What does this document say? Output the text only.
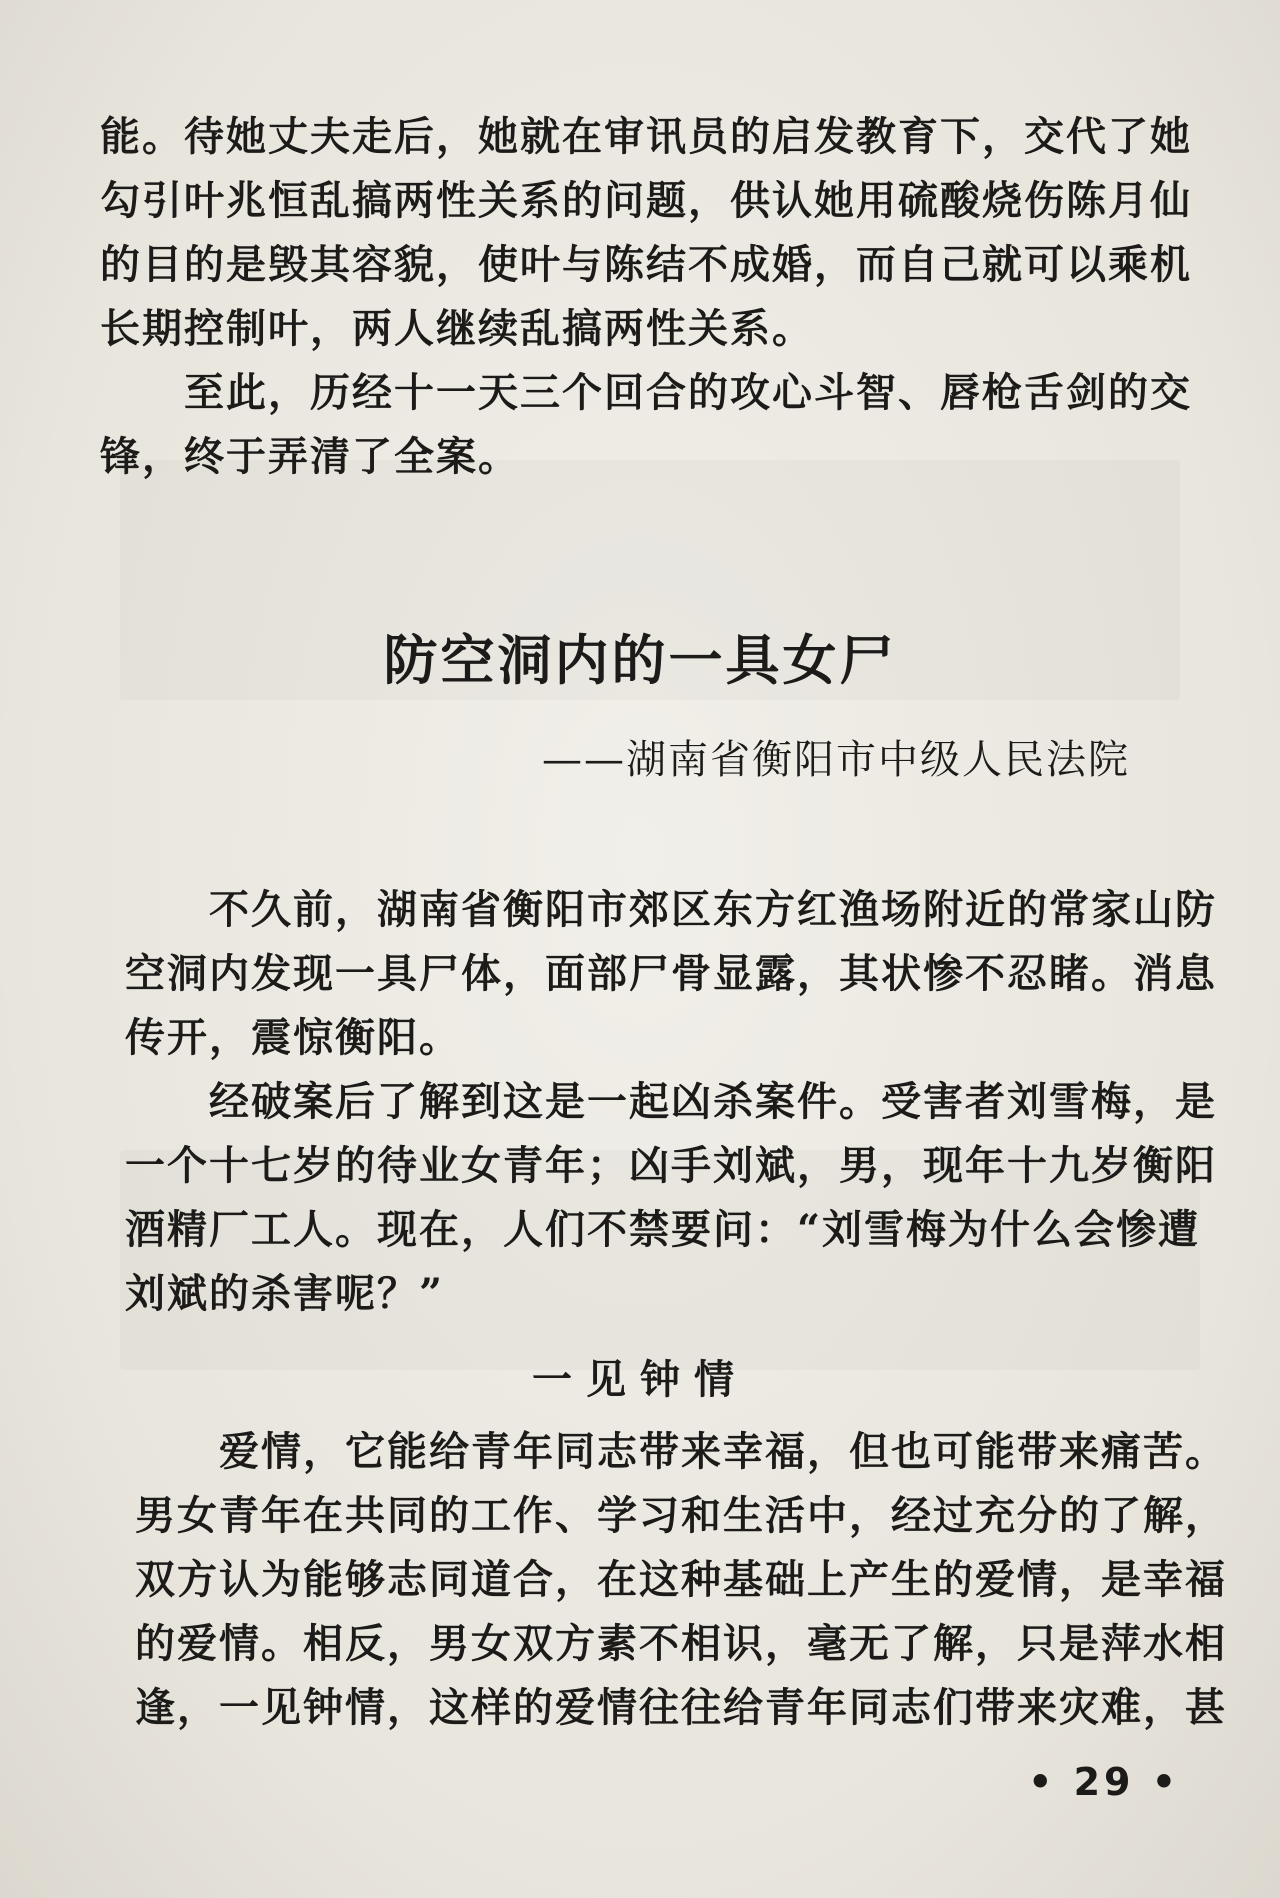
能。待她丈夫走后，她就在审讯员的启发教育下，交代了她勾引叶兆恒乱搞两性关系的问题，供认她用硫酸烧伤陈月仙的目的是毁其容貌，使叶与陈结不成婚，而自己就可以乘机长期控制叶，两人继续乱搞两性关系。

至此，历经十一天三个回合的攻心斗智、唇枪舌剑的交锋，终于弄清了全案。

防空洞内的一具女尸

——湖南省衡阳市中级人民法院

不久前，湖南省衡阳市郊区东方红渔场附近的常家山防空洞内发现一具尸体，面部尸骨显露，其状惨不忍睹。消息传开，震惊衡阳。

经破案后了解到这是一起凶杀案件。受害者刘雪梅，是一个十七岁的待业女青年；凶手刘斌，男，现年十九岁衡阳酒精厂工人。现在，人们不禁要问：“刘雪梅为什么会惨遭刘斌的杀害呢？”

一见钟情

爱情，它能给青年同志带来幸福，但也可能带来痛苦。男女青年在共同的工作、学习和生活中，经过充分的了解，双方认为能够志同道合，在这种基础上产生的爱情，是幸福的爱情。相反，男女双方素不相识，毫无了解，只是萍水相逢，一见钟情，这样的爱情往往给青年同志们带来灾难，甚

• 29 •
